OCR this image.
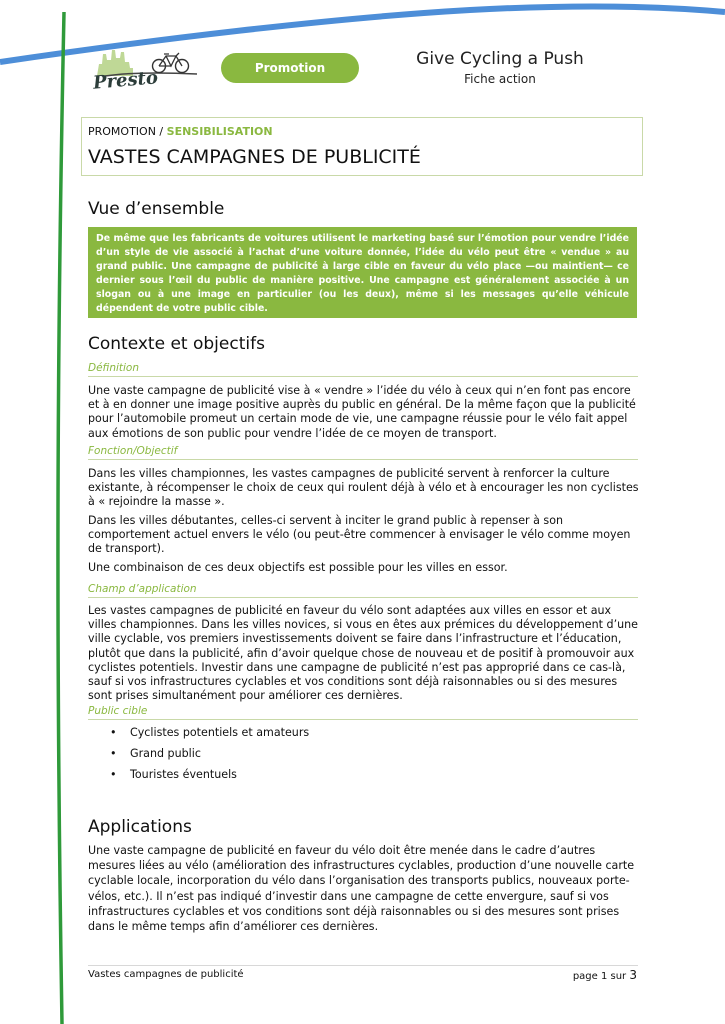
Presto	Promotion	Give Cycling a Push
Fiche action
PROMOTION / SENSIBILISATION
VASTES CAMPAGNES DE PUBLICITÉ
Vue d’ensemble
De même que les fabricants de voitures utilisent le marketing basé sur l’émotion pour vendre l’idée d’un style de vie associé à l’achat d’une voiture donnée, l’idée du vélo peut être « vendue » au grand public. Une campagne de publicité à large cible en faveur du vélo place —ou maintient— ce dernier sous l’œil du public de manière positive. Une campagne est généralement associée à un slogan ou à une image en particulier (ou les deux), même si les messages qu’elle véhicule dépendent de votre public cible.
Contexte et objectifs
Définition

Une vaste campagne de publicité vise à « vendre » l’idée du vélo à ceux qui n’en font pas encore et à en donner une image positive auprès du public en général. De la même façon que la publicité pour l’automobile promeut un certain mode de vie, une campagne réussie pour le vélo fait appel aux émotions de son public pour vendre l’idée de ce moyen de transport.

Fonction/Objectif

Dans les villes championnes, les vastes campagnes de publicité servent à renforcer la culture existante, à récompenser le choix de ceux qui roulent déjà à vélo et à encourager les non cyclistes à « rejoindre la masse ».

Dans les villes débutantes, celles-ci servent à inciter le grand public à repenser à son comportement actuel envers le vélo (ou peut-être commencer à envisager le vélo comme moyen de transport).

Une combinaison de ces deux objectifs est possible pour les villes en essor.

Champ d’application

Les vastes campagnes de publicité en faveur du vélo sont adaptées aux villes en essor et aux villes championnes. Dans les villes novices, si vous en êtes aux prémices du développement d’une ville cyclable, vos premiers investissements doivent se faire dans l’infrastructure et l’éducation, plutôt que dans la publicité, afin d’avoir quelque chose de nouveau et de positif à promouvoir aux cyclistes potentiels. Investir dans une campagne de publicité n’est pas approprié dans ce cas-là, sauf si vos infrastructures cyclables et vos conditions sont déjà raisonnables ou si des mesures sont prises simultanément pour améliorer ces dernières.

Public cible
• Cyclistes potentiels et amateurs
• Grand public
• Touristes éventuels
Applications

Une vaste campagne de publicité en faveur du vélo doit être menée dans le cadre d’autres mesures liées au vélo (amélioration des infrastructures cyclables, production d’une nouvelle carte cyclable locale, incorporation du vélo dans l’organisation des transports publics, nouveaux porte-vélos, etc.). Il n’est pas indiqué d’investir dans une campagne de cette envergure, sauf si vos infrastructures cyclables et vos conditions sont déjà raisonnables ou si des mesures sont prises dans le même temps afin d’améliorer ces dernières.

Vastes campagnes de publicité	page 1 sur 3
